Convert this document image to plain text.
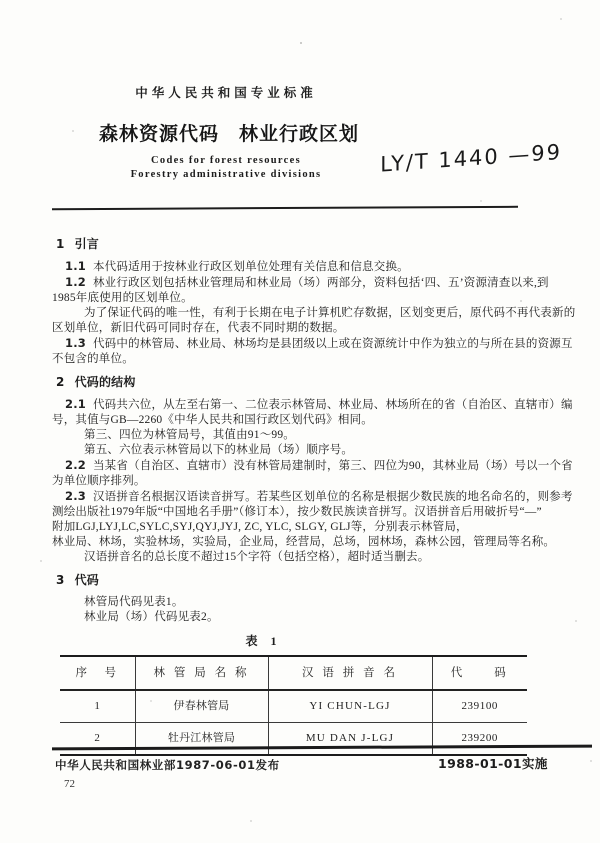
中华人民共和国专业标准
森林资源代码　林业行政区划
Codes for forest resources
Forestry administrative divisions	LY/T 1440 —99
1 引言
1.1 本代码适用于按林业行政区划单位处理有关信息和信息交换。
1.2 林业行政区划包括林业管理局和林业局（场）两部分，资料包括‘四、五’资源清查以来,到
1985年底使用的区划单位。
为了保证代码的唯一性，有利于长期在电子计算机贮存数据，区划变更后，原代码不再代表新的
区划单位，新旧代码可同时存在，代表不同时期的数据。
1.3 代码中的林管局、林业局、林场均是县团级以上或在资源统计中作为独立的与所在县的资源互
不包含的单位。
2 代码的结构
2.1 代码共六位，从左至右第一、二位表示林管局、林业局、林场所在的省（自治区、直辖市）编
号，其值与GB—2260《中华人民共和国行政区划代码》相同。
第三、四位为林管局号，其值由91～99。
第五、六位表示林管局以下的林业局（场）顺序号。
2.2 当某省（自治区、直辖市）没有林管局建制时，第三、四位为90，其林业局（场）号以一个省
为单位顺序排列。
2.3 汉语拼音名根据汉语读音拼写。若某些区划单位的名称是根据少数民族的地名命名的，则参考
测绘出版社1979年版“中国地名手册”（修订本），按少数民族读音拼写。汉语拼音后用破折号“—”
附加LGJ,LYJ,LC,SYLC,SYJ,QYJ,JYJ, ZC, YLC, SLGY, GLJ等，分别表示林管局，
林业局、林场，实验林场，实验局，企业局，经营局，总场，园林场，森林公园，管理局等名称。
汉语拼音名的总长度不超过15个字符（包括空格），超时适当删去。
3 代码
林管局代码见表1。
林业局（场）代码见表2。
表 1
序　号	林 管 局 名 称	汉 语 拼 音 名	代　　码
1	伊春林管局	YI CHUN-LGJ	239100
2	牡丹江林管局	MU DAN J-LGJ	239200
中华人民共和国林业部1987-06-01发布	1988-01-01实施
72
